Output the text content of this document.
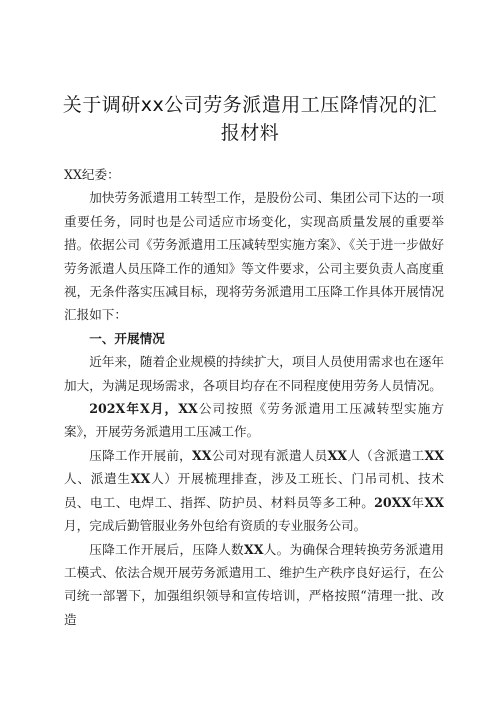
关于调研xx公司劳务派遣用工压降情况的汇
报材料

XX纪委：

加快劳务派遣用工转型工作，是股份公司、集团公司下达的一项重要任务，同时也是公司适应市场变化，实现高质量发展的重要举措。依据公司《劳务派遣用工压减转型实施方案》、《关于进一步做好劳务派遣人员压降工作的通知》等文件要求，公司主要负责人高度重视，无条件落实压减目标，现将劳务派遣用工压降工作具体开展情况汇报如下：

一、开展情况

近年来，随着企业规模的持续扩大，项目人员使用需求也在逐年加大，为满足现场需求，各项目均存在不同程度使用劳务人员情况。

202X年X月，XX公司按照《劳务派遣用工压减转型实施方案》，开展劳务派遣用工压减工作。

压降工作开展前，XX公司对现有派遣人员XX人（含派遣工XX人、派遣生XX人）开展梳理排查，涉及工班长、门吊司机、技术员、电工、电焊工、指挥、防护员、材料员等多工种。20XX年XX月，完成后勤管服业务外包给有资质的专业服务公司。

压降工作开展后，压降人数XX人。为确保合理转换劳务派遣用工模式、依法合规开展劳务派遣用工、维护生产秩序良好运行，在公司统一部署下，加强组织领导和宣传培训，严格按照“清理一批、改造
